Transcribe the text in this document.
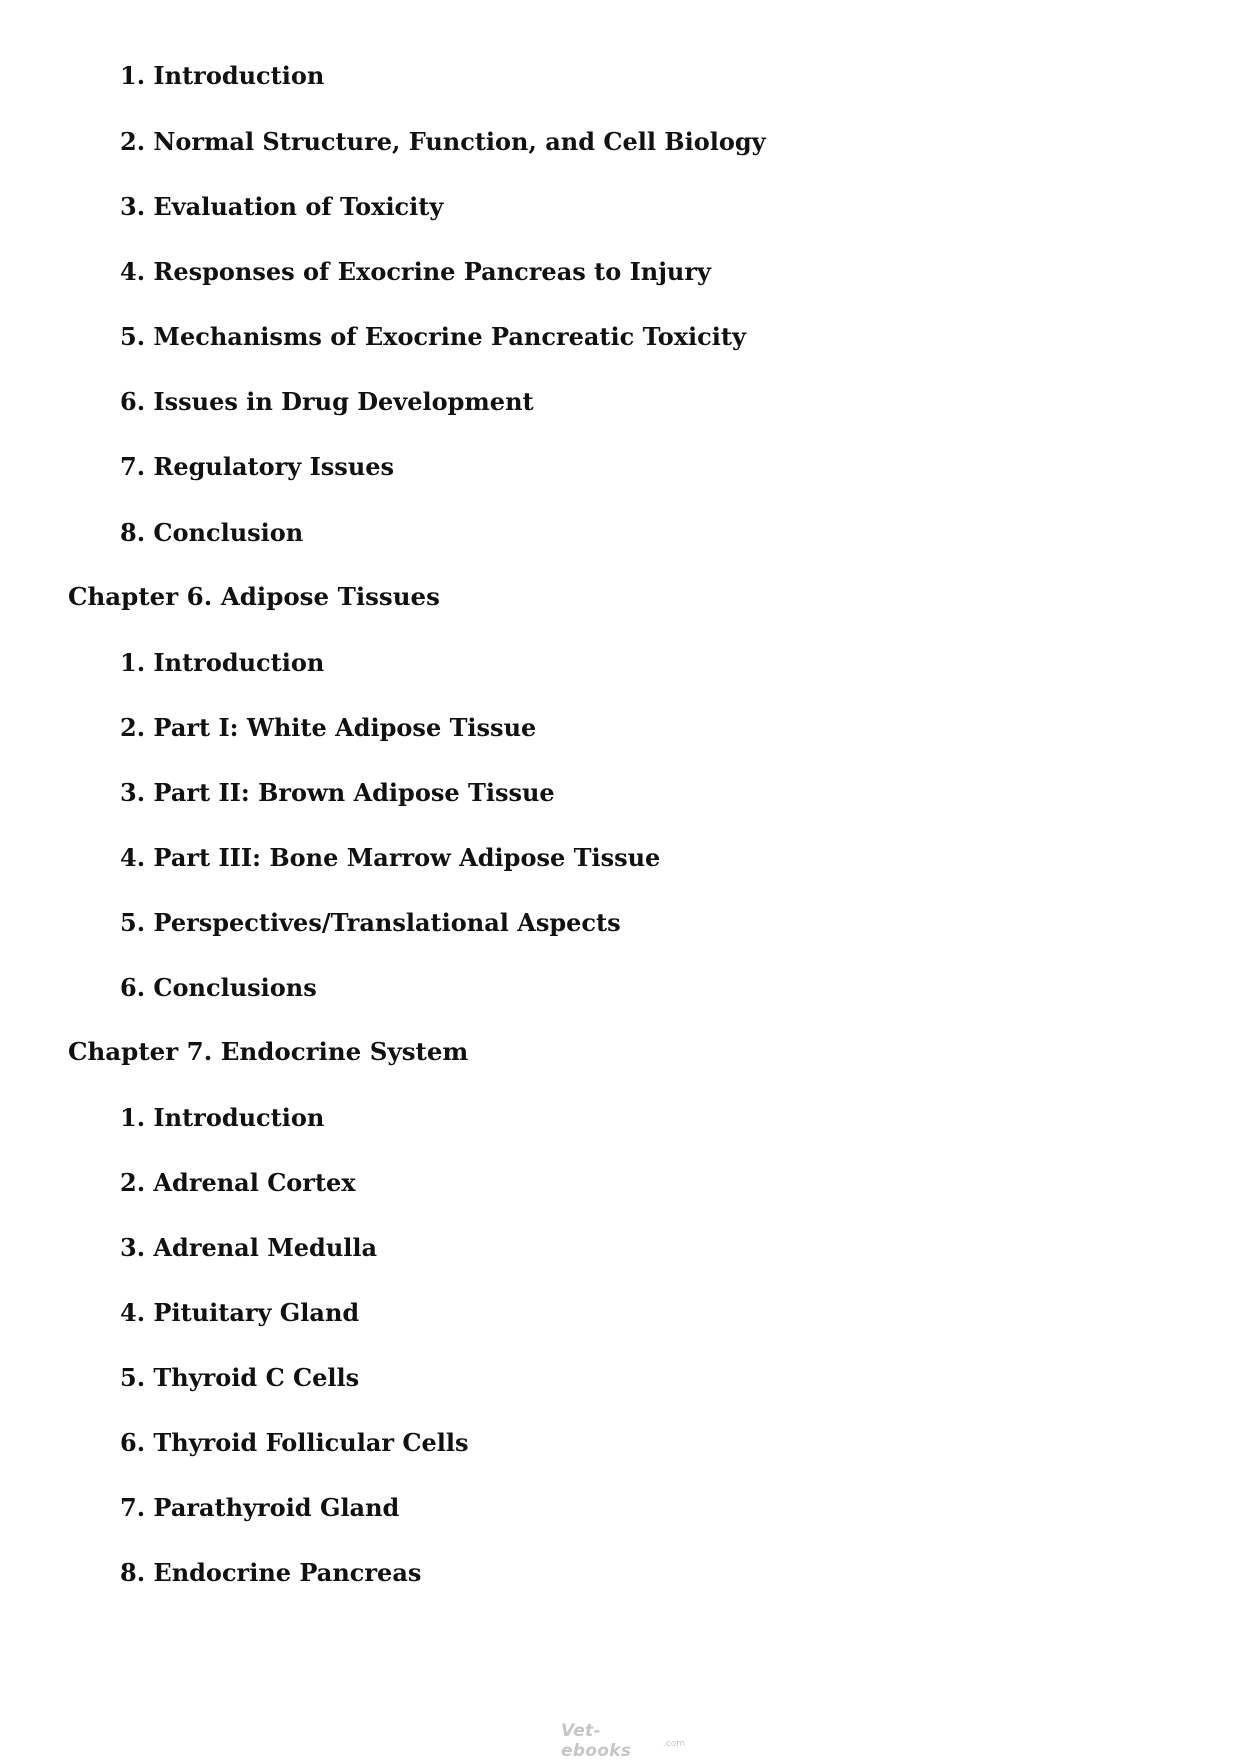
1. Introduction
2. Normal Structure, Function, and Cell Biology
3. Evaluation of Toxicity
4. Responses of Exocrine Pancreas to Injury
5. Mechanisms of Exocrine Pancreatic Toxicity
6. Issues in Drug Development
7. Regulatory Issues
8. Conclusion
Chapter 6. Adipose Tissues
1. Introduction
2. Part I: White Adipose Tissue
3. Part II: Brown Adipose Tissue
4. Part III: Bone Marrow Adipose Tissue
5. Perspectives/Translational Aspects
6. Conclusions
Chapter 7. Endocrine System
1. Introduction
2. Adrenal Cortex
3. Adrenal Medulla
4. Pituitary Gland
5. Thyroid C Cells
6. Thyroid Follicular Cells
7. Parathyroid Gland
8. Endocrine Pancreas
Vet-ebooks	.com
